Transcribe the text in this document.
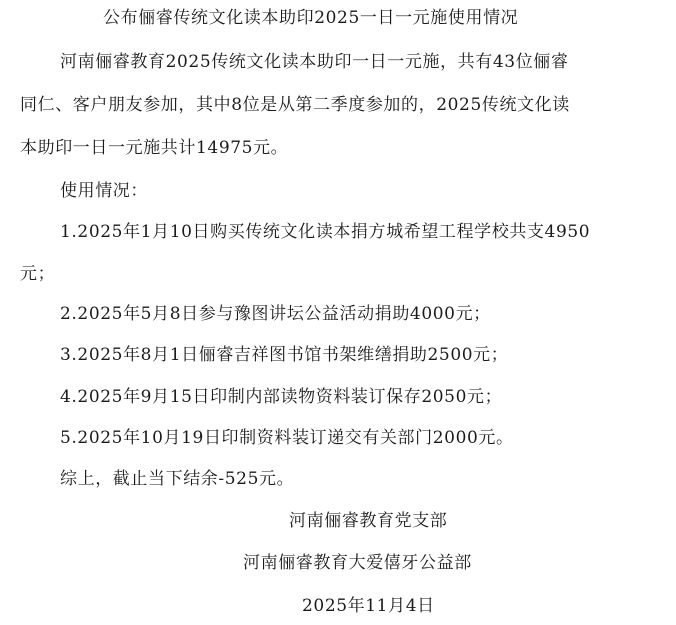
公布俪睿传统文化读本助印2025一日一元施使用情况
河南俪睿教育2025传统文化读本助印一日一元施，共有43位俪睿
同仁、客户朋友参加，其中8位是从第二季度参加的，2025传统文化读
本助印一日一元施共计14975元。
使用情况：
1.2025年1月10日购买传统文化读本捐方城希望工程学校共支4950
元；
2.2025年5月8日参与豫图讲坛公益活动捐助4000元；
3.2025年8月1日俪睿吉祥图书馆书架维缮捐助2500元；
4.2025年9月15日印制内部读物资料装订保存2050元；
5.2025年10月19日印制资料装订递交有关部门2000元。
综上，截止当下结余-525元。
河南俪睿教育党支部
河南俪睿教育大爱僖牙公益部
2025年11月4日
